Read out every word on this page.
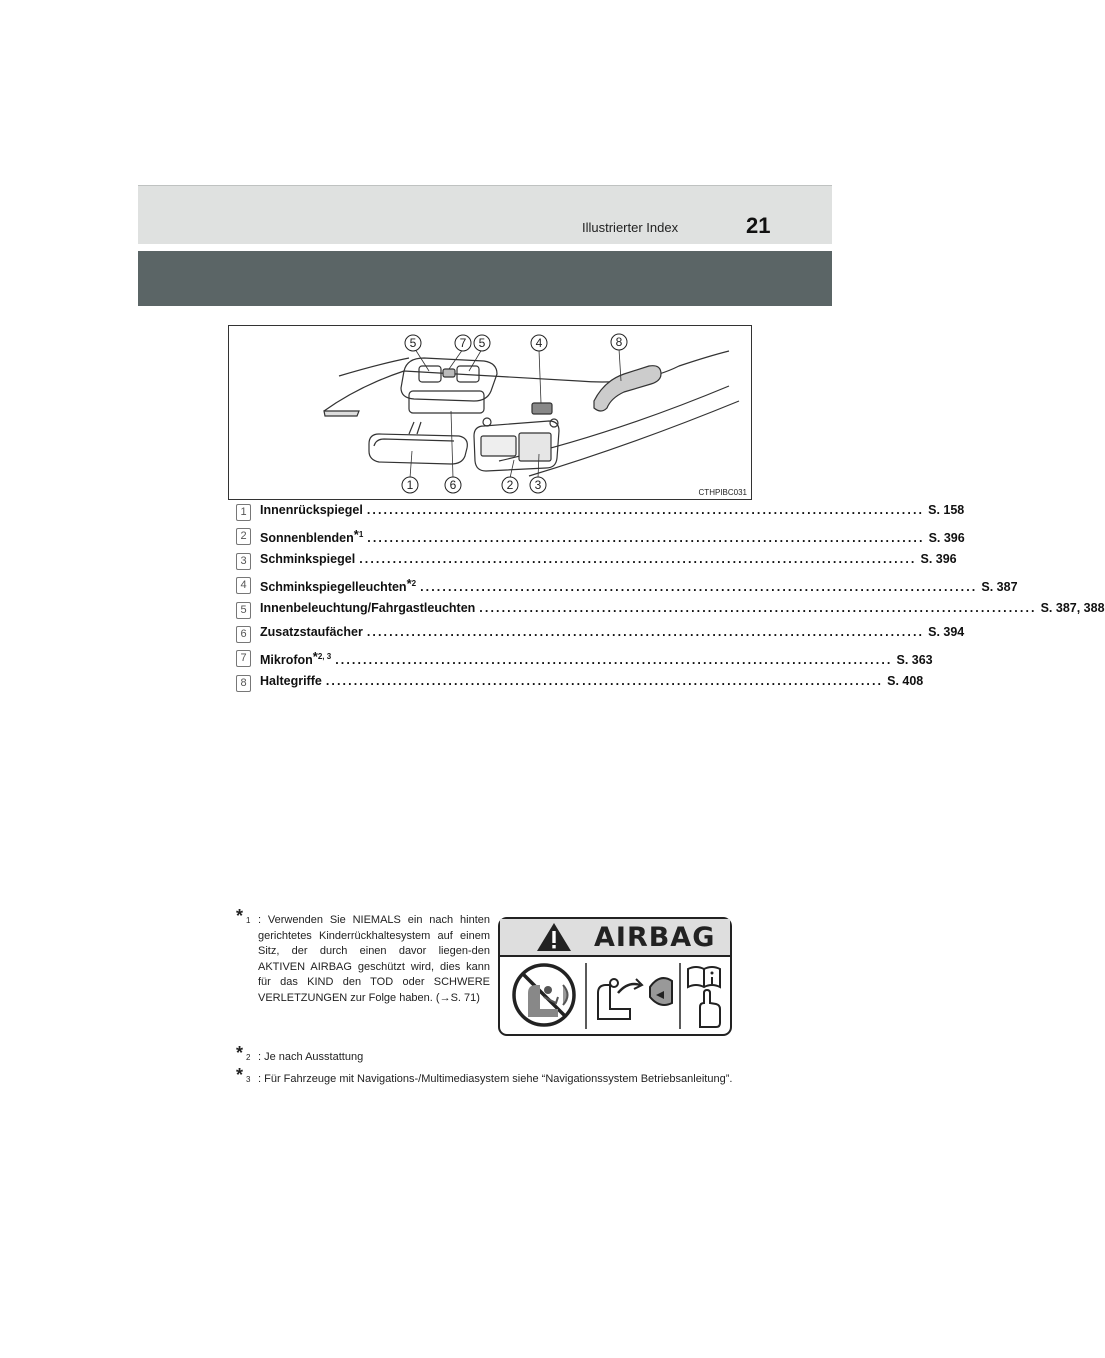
Illustrierter Index	21
5	7 5	4	8
1	6	2 3
CTHPIBC031
1	Innenrückspiegel .................................................................................................... S. 158
2	Sonnenblenden$^{*1}$ .................................................................................................... S. 396
3	Schminkspiegel .................................................................................................... S. 396
4	Schminkspiegelleuchten$^{*2}$ .................................................................................................... S. 387
5	Innenbeleuchtung/Fahrgastleuchten .................................................................................................... S. 387, 388
6	Zusatzstaufächer .................................................................................................... S. 394
7	Mikrofon$^{*2, 3}$ .................................................................................................... S. 363
8	Haltegriffe .................................................................................................... S. 408
* 1 : Verwenden Sie NIEMALS ein nach hinten gerichtetes Kinderrückhaltesystem auf einem Sitz, der durch einen davor liegen-den AKTIVEN AIRBAG geschützt wird, dies kann für das KIND den TOD oder SCHWERE VERLETZUNGEN zur Folge haben. (→S. 71)
AIRBAG
* 2 : Je nach Ausstattung
* 3 : Für Fahrzeuge mit Navigations-/Multimediasystem siehe “Navigationssystem Betriebsanleitung”.
